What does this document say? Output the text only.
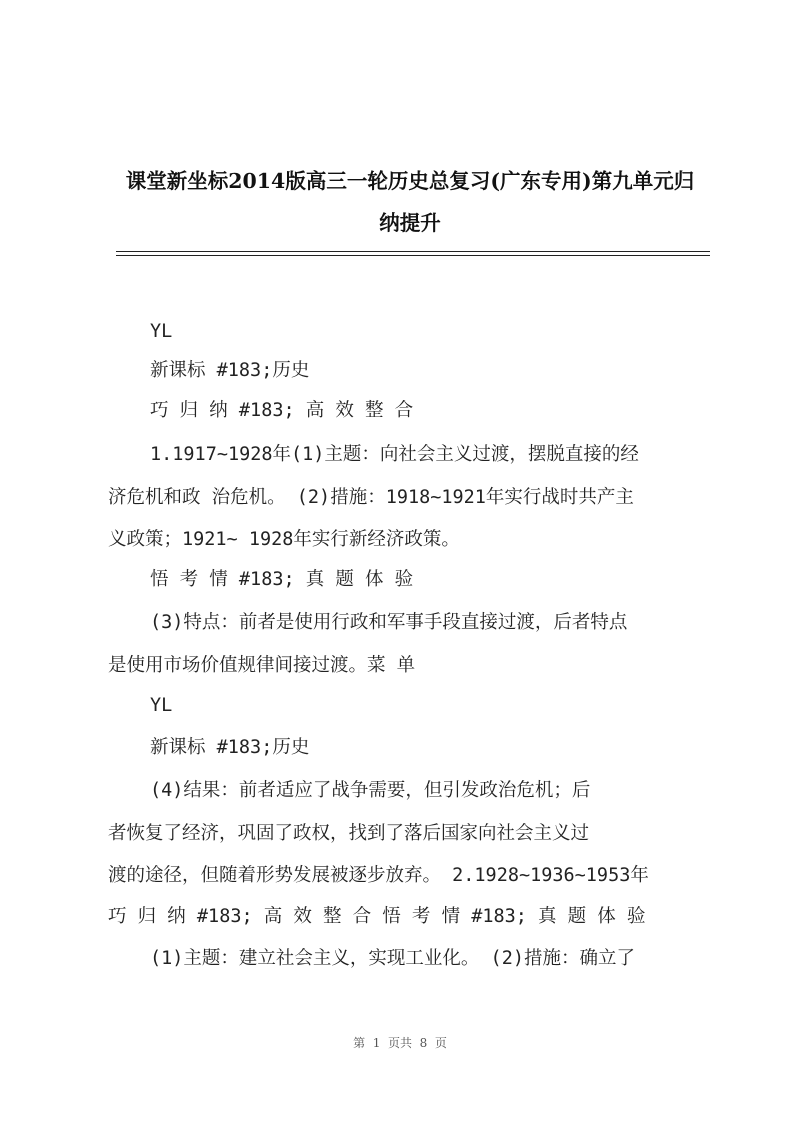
课堂新坐标2014版高三一轮历史总复习(广东专用)第九单元归
纳提升
YL
新课标 #183;历史
巧 归 纳 #183; 高 效 整 合
1.1917~1928年(1)主题：向社会主义过渡，摆脱直接的经
济危机和政 治危机。 (2)措施：1918~1921年实行战时共产主
义政策；1921~ 1928年实行新经济政策。
悟 考 情 #183; 真 题 体 验
(3)特点：前者是使用行政和军事手段直接过渡，后者特点
是使用市场价值规律间接过渡。菜 单
YL
新课标 #183;历史
(4)结果：前者适应了战争需要，但引发政治危机；后
者恢复了经济，巩固了政权，找到了落后国家向社会主义过
渡的途径，但随着形势发展被逐步放弃。 2.1928~1936~1953年
巧 归 纳 #183; 高 效 整 合 悟 考 情 #183; 真 题 体 验
(1)主题：建立社会主义，实现工业化。 (2)措施：确立了
第  1  页共  8  页
